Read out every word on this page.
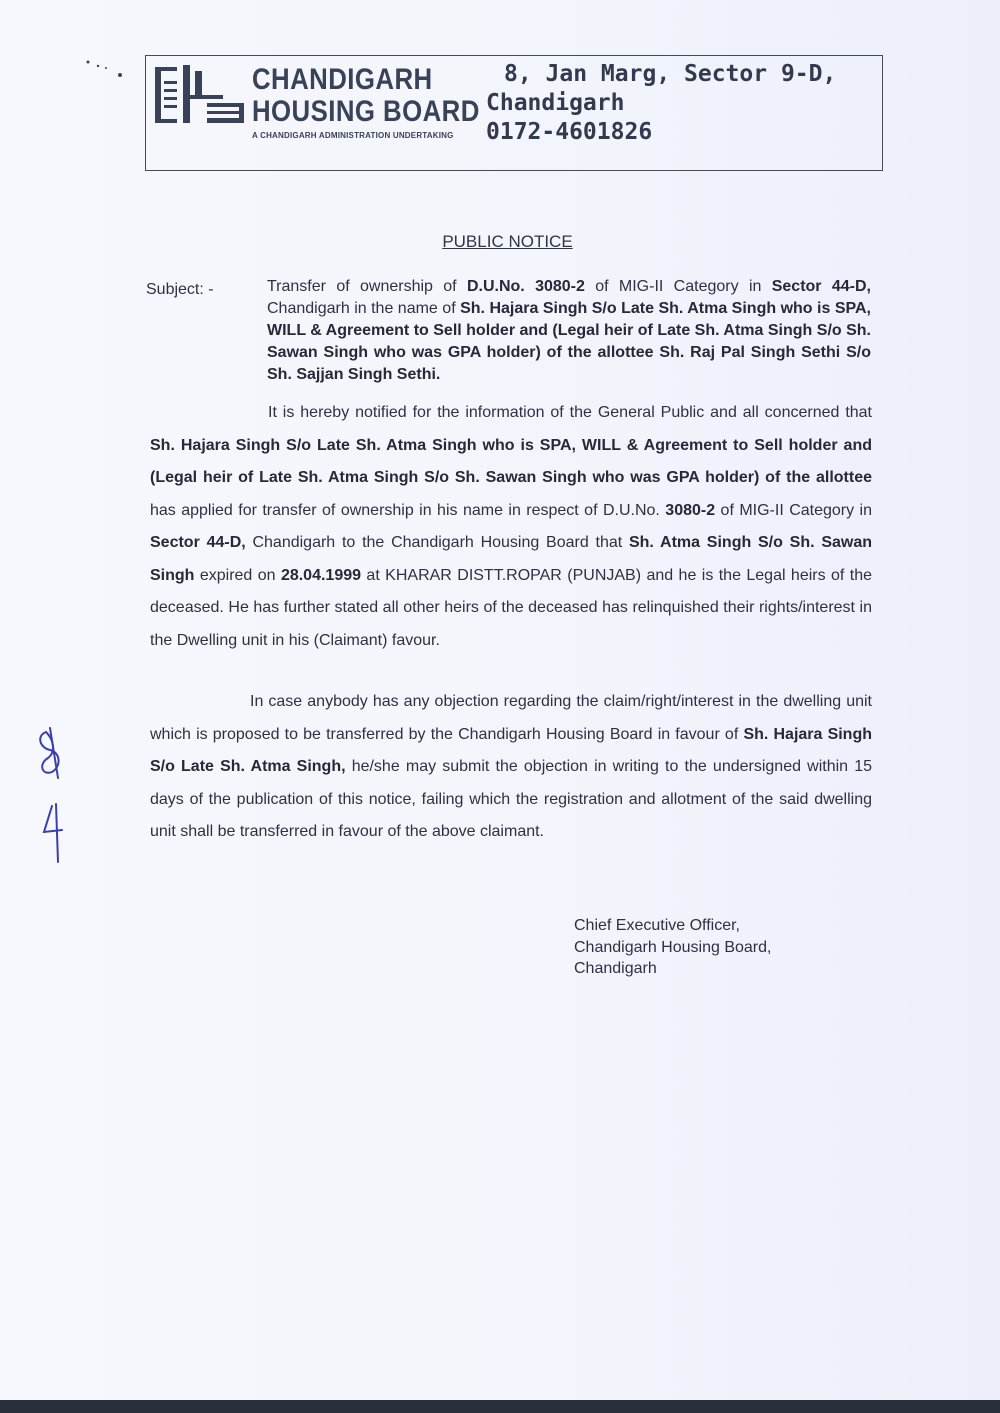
CHANDIGARH
HOUSING BOARD
A CHANDIGARH ADMINISTRATION UNDERTAKING
8, Jan Marg, Sector 9-D,
Chandigarh
0172-4601826
PUBLIC NOTICE
Subject: -	Transfer of ownership of D.U.No. 3080-2 of MIG-II Category in Sector 44-D, Chandigarh in the name of Sh. Hajara Singh S/o Late Sh. Atma Singh who is SPA, WILL & Agreement to Sell holder and (Legal heir of Late Sh. Atma Singh S/o Sh. Sawan Singh who was GPA holder) of the allottee Sh. Raj Pal Singh Sethi S/o Sh. Sajjan Singh Sethi.
It is hereby notified for the information of the General Public and all concerned that Sh. Hajara Singh S/o Late Sh. Atma Singh who is SPA, WILL & Agreement to Sell holder and (Legal heir of Late Sh. Atma Singh S/o Sh. Sawan Singh who was GPA holder) of the allottee has applied for transfer of ownership in his name in respect of D.U.No. 3080-2 of MIG-II Category in Sector 44-D, Chandigarh to the Chandigarh Housing Board that Sh. Atma Singh S/o Sh. Sawan Singh expired on 28.04.1999 at KHARAR DISTT.ROPAR (PUNJAB) and he is the Legal heirs of the deceased. He has further stated all other heirs of the deceased has relinquished their rights/interest in the Dwelling unit in his (Claimant) favour.
In case anybody has any objection regarding the claim/right/interest in the dwelling unit which is proposed to be transferred by the Chandigarh Housing Board in favour of Sh. Hajara Singh S/o Late Sh. Atma Singh, he/she may submit the objection in writing to the undersigned within 15 days of the publication of this notice, failing which the registration and allotment of the said dwelling unit shall be transferred in favour of the above claimant.
Chief Executive Officer,
Chandigarh Housing Board,
Chandigarh
